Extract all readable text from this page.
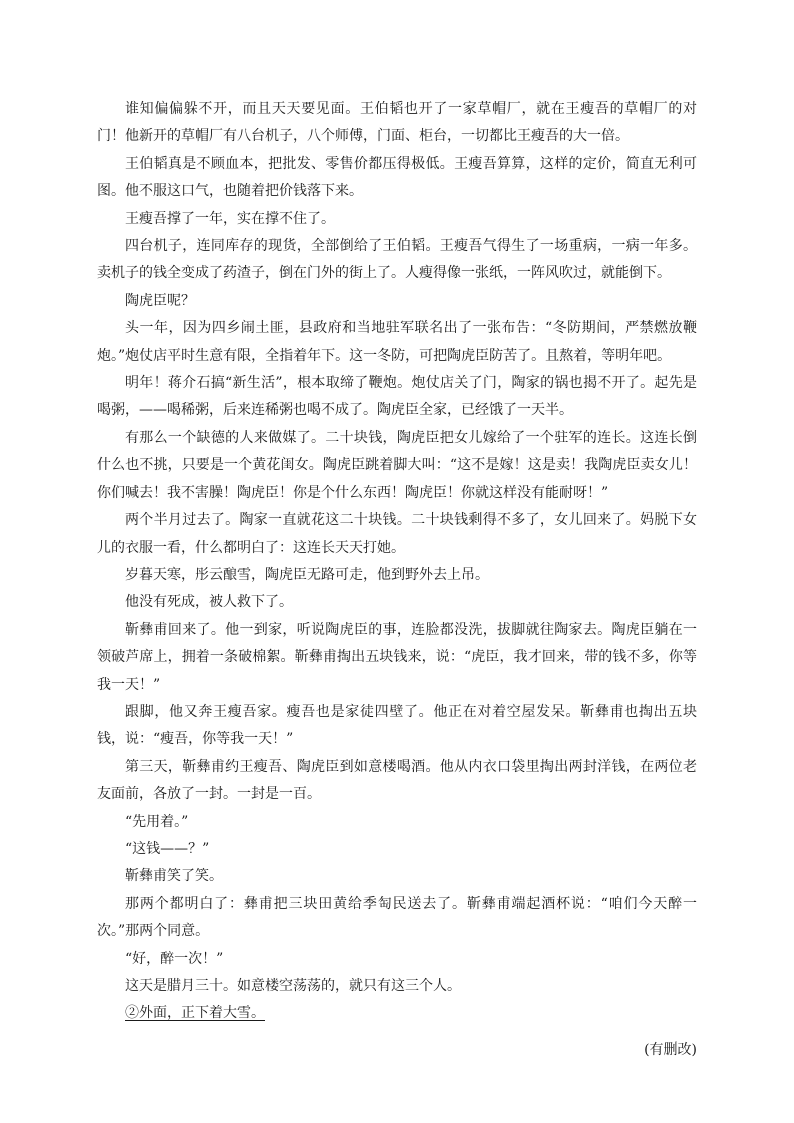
谁知偏偏躲不开，而且天天要见面。王伯韬也开了一家草帽厂，就在王瘦吾的草帽厂的对门！他新开的草帽厂有八台机子，八个师傅，门面、柜台，一切都比王瘦吾的大一倍。

王伯韬真是不顾血本，把批发、零售价都压得极低。王瘦吾算算，这样的定价，简直无利可图。他不服这口气，也随着把价钱落下来。

王瘦吾撑了一年，实在撑不住了。

四台机子，连同库存的现货，全部倒给了王伯韬。王瘦吾气得生了一场重病，一病一年多。卖机子的钱全变成了药渣子，倒在门外的街上了。人瘦得像一张纸，一阵风吹过，就能倒下。

陶虎臣呢？

头一年，因为四乡闹土匪，县政府和当地驻军联名出了一张布告：“冬防期间，严禁燃放鞭炮。”炮仗店平时生意有限，全指着年下。这一冬防，可把陶虎臣防苦了。且熬着，等明年吧。

明年！蒋介石搞“新生活”，根本取缔了鞭炮。炮仗店关了门，陶家的锅也揭不开了。起先是喝粥，——喝稀粥，后来连稀粥也喝不成了。陶虎臣全家，已经饿了一天半。

有那么一个缺德的人来做媒了。二十块钱，陶虎臣把女儿嫁给了一个驻军的连长。这连长倒什么也不挑，只要是一个黄花闺女。陶虎臣跳着脚大叫：“这不是嫁！这是卖！我陶虎臣卖女儿！你们喊去！我不害臊！陶虎臣！你是个什么东西！陶虎臣！你就这样没有能耐呀！”

两个半月过去了。陶家一直就花这二十块钱。二十块钱剩得不多了，女儿回来了。妈脱下女儿的衣服一看，什么都明白了：这连长天天打她。

岁暮天寒，彤云酿雪，陶虎臣无路可走，他到野外去上吊。

他没有死成，被人救下了。

靳彝甫回来了。他一到家，听说陶虎臣的事，连脸都没洗，拔脚就往陶家去。陶虎臣躺在一领破芦席上，拥着一条破棉絮。靳彝甫掏出五块钱来，说：“虎臣，我才回来，带的钱不多，你等我一天！”

跟脚，他又奔王瘦吾家。瘦吾也是家徒四壁了。他正在对着空屋发呆。靳彝甫也掏出五块钱，说：“瘦吾，你等我一天！”

第三天，靳彝甫约王瘦吾、陶虎臣到如意楼喝酒。他从内衣口袋里掏出两封洋钱，在两位老友面前，各放了一封。一封是一百。

“先用着。”

“这钱——？”

靳彝甫笑了笑。

那两个都明白了：彝甫把三块田黄给季匋民送去了。靳彝甫端起酒杯说：“咱们今天醉一次。”那两个同意。

“好，醉一次！”

这天是腊月三十。如意楼空荡荡的，就只有这三个人。

②外面，正下着大雪。

(有删改)
